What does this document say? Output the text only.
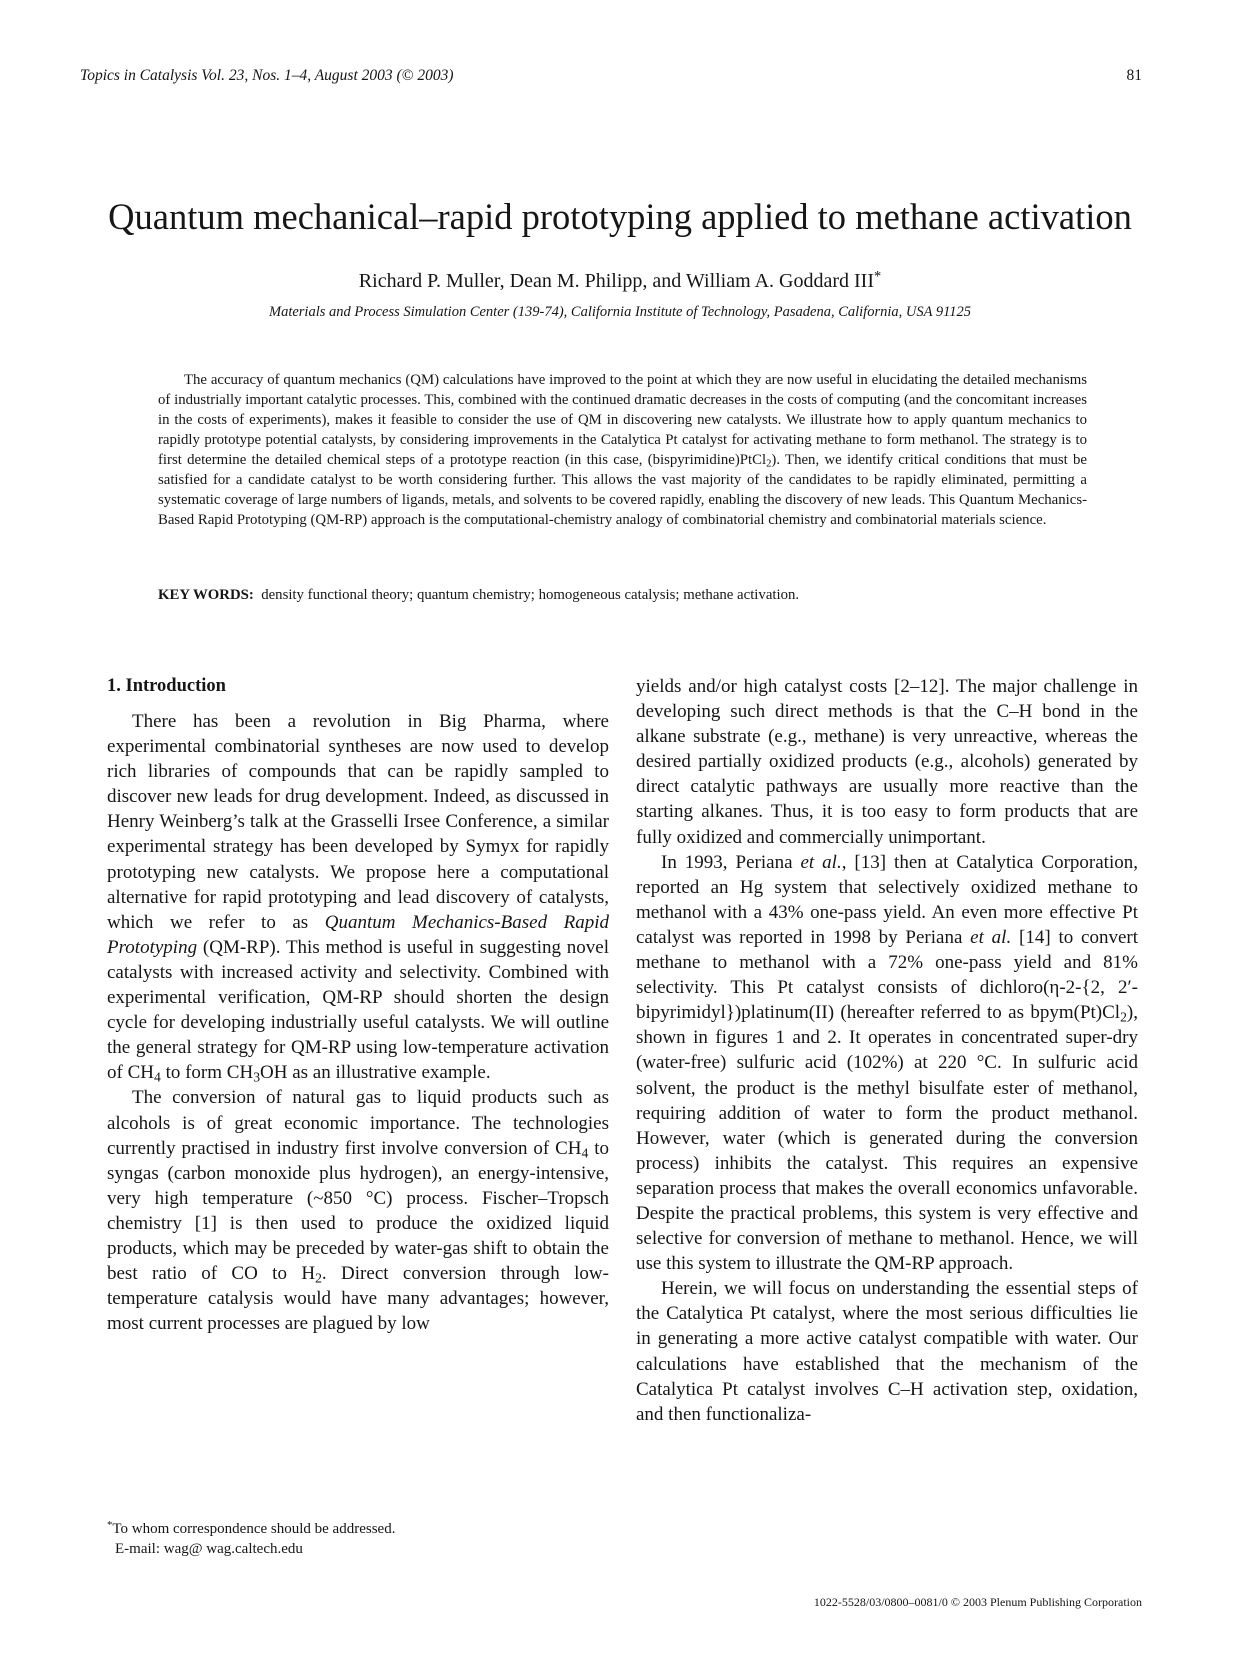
Topics in Catalysis Vol. 23, Nos. 1–4, August 2003 (© 2003)	81
Quantum mechanical–rapid prototyping applied to methane activation
Richard P. Muller, Dean M. Philipp, and William A. Goddard III*
Materials and Process Simulation Center (139-74), California Institute of Technology, Pasadena, California, USA 91125

The accuracy of quantum mechanics (QM) calculations have improved to the point at which they are now useful in elucidating the detailed mechanisms of industrially important catalytic processes. This, combined with the continued dramatic decreases in the costs of computing (and the concomitant increases in the costs of experiments), makes it feasible to consider the use of QM in discovering new catalysts. We illustrate how to apply quantum mechanics to rapidly prototype potential catalysts, by considering improvements in the Catalytica Pt catalyst for activating methane to form methanol. The strategy is to first determine the detailed chemical steps of a prototype reaction (in this case, (bispyrimidine)PtCl$_2$). Then, we identify critical conditions that must be satisfied for a candidate catalyst to be worth considering further. This allows the vast majority of the candidates to be rapidly eliminated, permitting a systematic coverage of large numbers of ligands, metals, and solvents to be covered rapidly, enabling the discovery of new leads. This Quantum Mechanics-Based Rapid Prototyping (QM-RP) approach is the computational-chemistry analogy of combinatorial chemistry and combinatorial materials science.

KEY WORDS: density functional theory; quantum chemistry; homogeneous catalysis; methane activation.
1. Introduction

There has been a revolution in Big Pharma, where experimental combinatorial syntheses are now used to develop rich libraries of compounds that can be rapidly sampled to discover new leads for drug development. Indeed, as discussed in Henry Weinberg’s talk at the Grasselli Irsee Conference, a similar experimental strategy has been developed by Symyx for rapidly prototyping new catalysts. We propose here a computational alternative for rapid prototyping and lead discovery of catalysts, which we refer to as Quantum Mechanics-Based Rapid Prototyping (QM-RP). This method is useful in suggesting novel catalysts with increased activity and selectivity. Combined with experimental verification, QM-RP should shorten the design cycle for developing industrially useful catalysts. We will outline the general strategy for QM-RP using low-temperature activation of $CH_4$ to form $CH_3OH$ as an illustrative example.

The conversion of natural gas to liquid products such as alcohols is of great economic importance. The technologies currently practised in industry first involve conversion of $CH_4$ to syngas (carbon monoxide plus hydrogen), an energy-intensive, very high temperature (~850 °C) process. Fischer–Tropsch chemistry [1] is then used to produce the oxidized liquid products, which may be preceded by water-gas shift to obtain the best ratio of CO to $H_2$. Direct conversion through low-temperature catalysis would have many advantages; however, most current processes are plagued by low

yields and/or high catalyst costs [2–12]. The major challenge in developing such direct methods is that the C–H bond in the alkane substrate (e.g., methane) is very unreactive, whereas the desired partially oxidized products (e.g., alcohols) generated by direct catalytic pathways are usually more reactive than the starting alkanes. Thus, it is too easy to form products that are fully oxidized and commercially unimportant.

In 1993, Periana et al., [13] then at Catalytica Corporation, reported an Hg system that selectively oxidized methane to methanol with a 43% one-pass yield. An even more effective Pt catalyst was reported in 1998 by Periana et al. [14] to convert methane to methanol with a 72% one-pass yield and 81% selectivity. This Pt catalyst consists of dichloro(η-2-{2, 2′-bipyrimidyl})platinum(II) (hereafter referred to as $bpym(Pt)Cl_2$), shown in figures 1 and 2. It operates in concentrated super-dry (water-free) sulfuric acid (102%) at 220 °C. In sulfuric acid solvent, the product is the methyl bisulfate ester of methanol, requiring addition of water to form the product methanol. However, water (which is generated during the conversion process) inhibits the catalyst. This requires an expensive separation process that makes the overall economics unfavorable. Despite the practical problems, this system is very effective and selective for conversion of methane to methanol. Hence, we will use this system to illustrate the QM-RP approach.

Herein, we will focus on understanding the essential steps of the Catalytica Pt catalyst, where the most serious difficulties lie in generating a more active catalyst compatible with water. Our calculations have established that the mechanism of the Catalytica Pt catalyst involves C–H activation step, oxidation, and then functionaliza-

*To whom correspondence should be addressed.
E-mail: wag@ wag.caltech.edu
1022-5528/03/0800–0081/0 © 2003 Plenum Publishing Corporation
